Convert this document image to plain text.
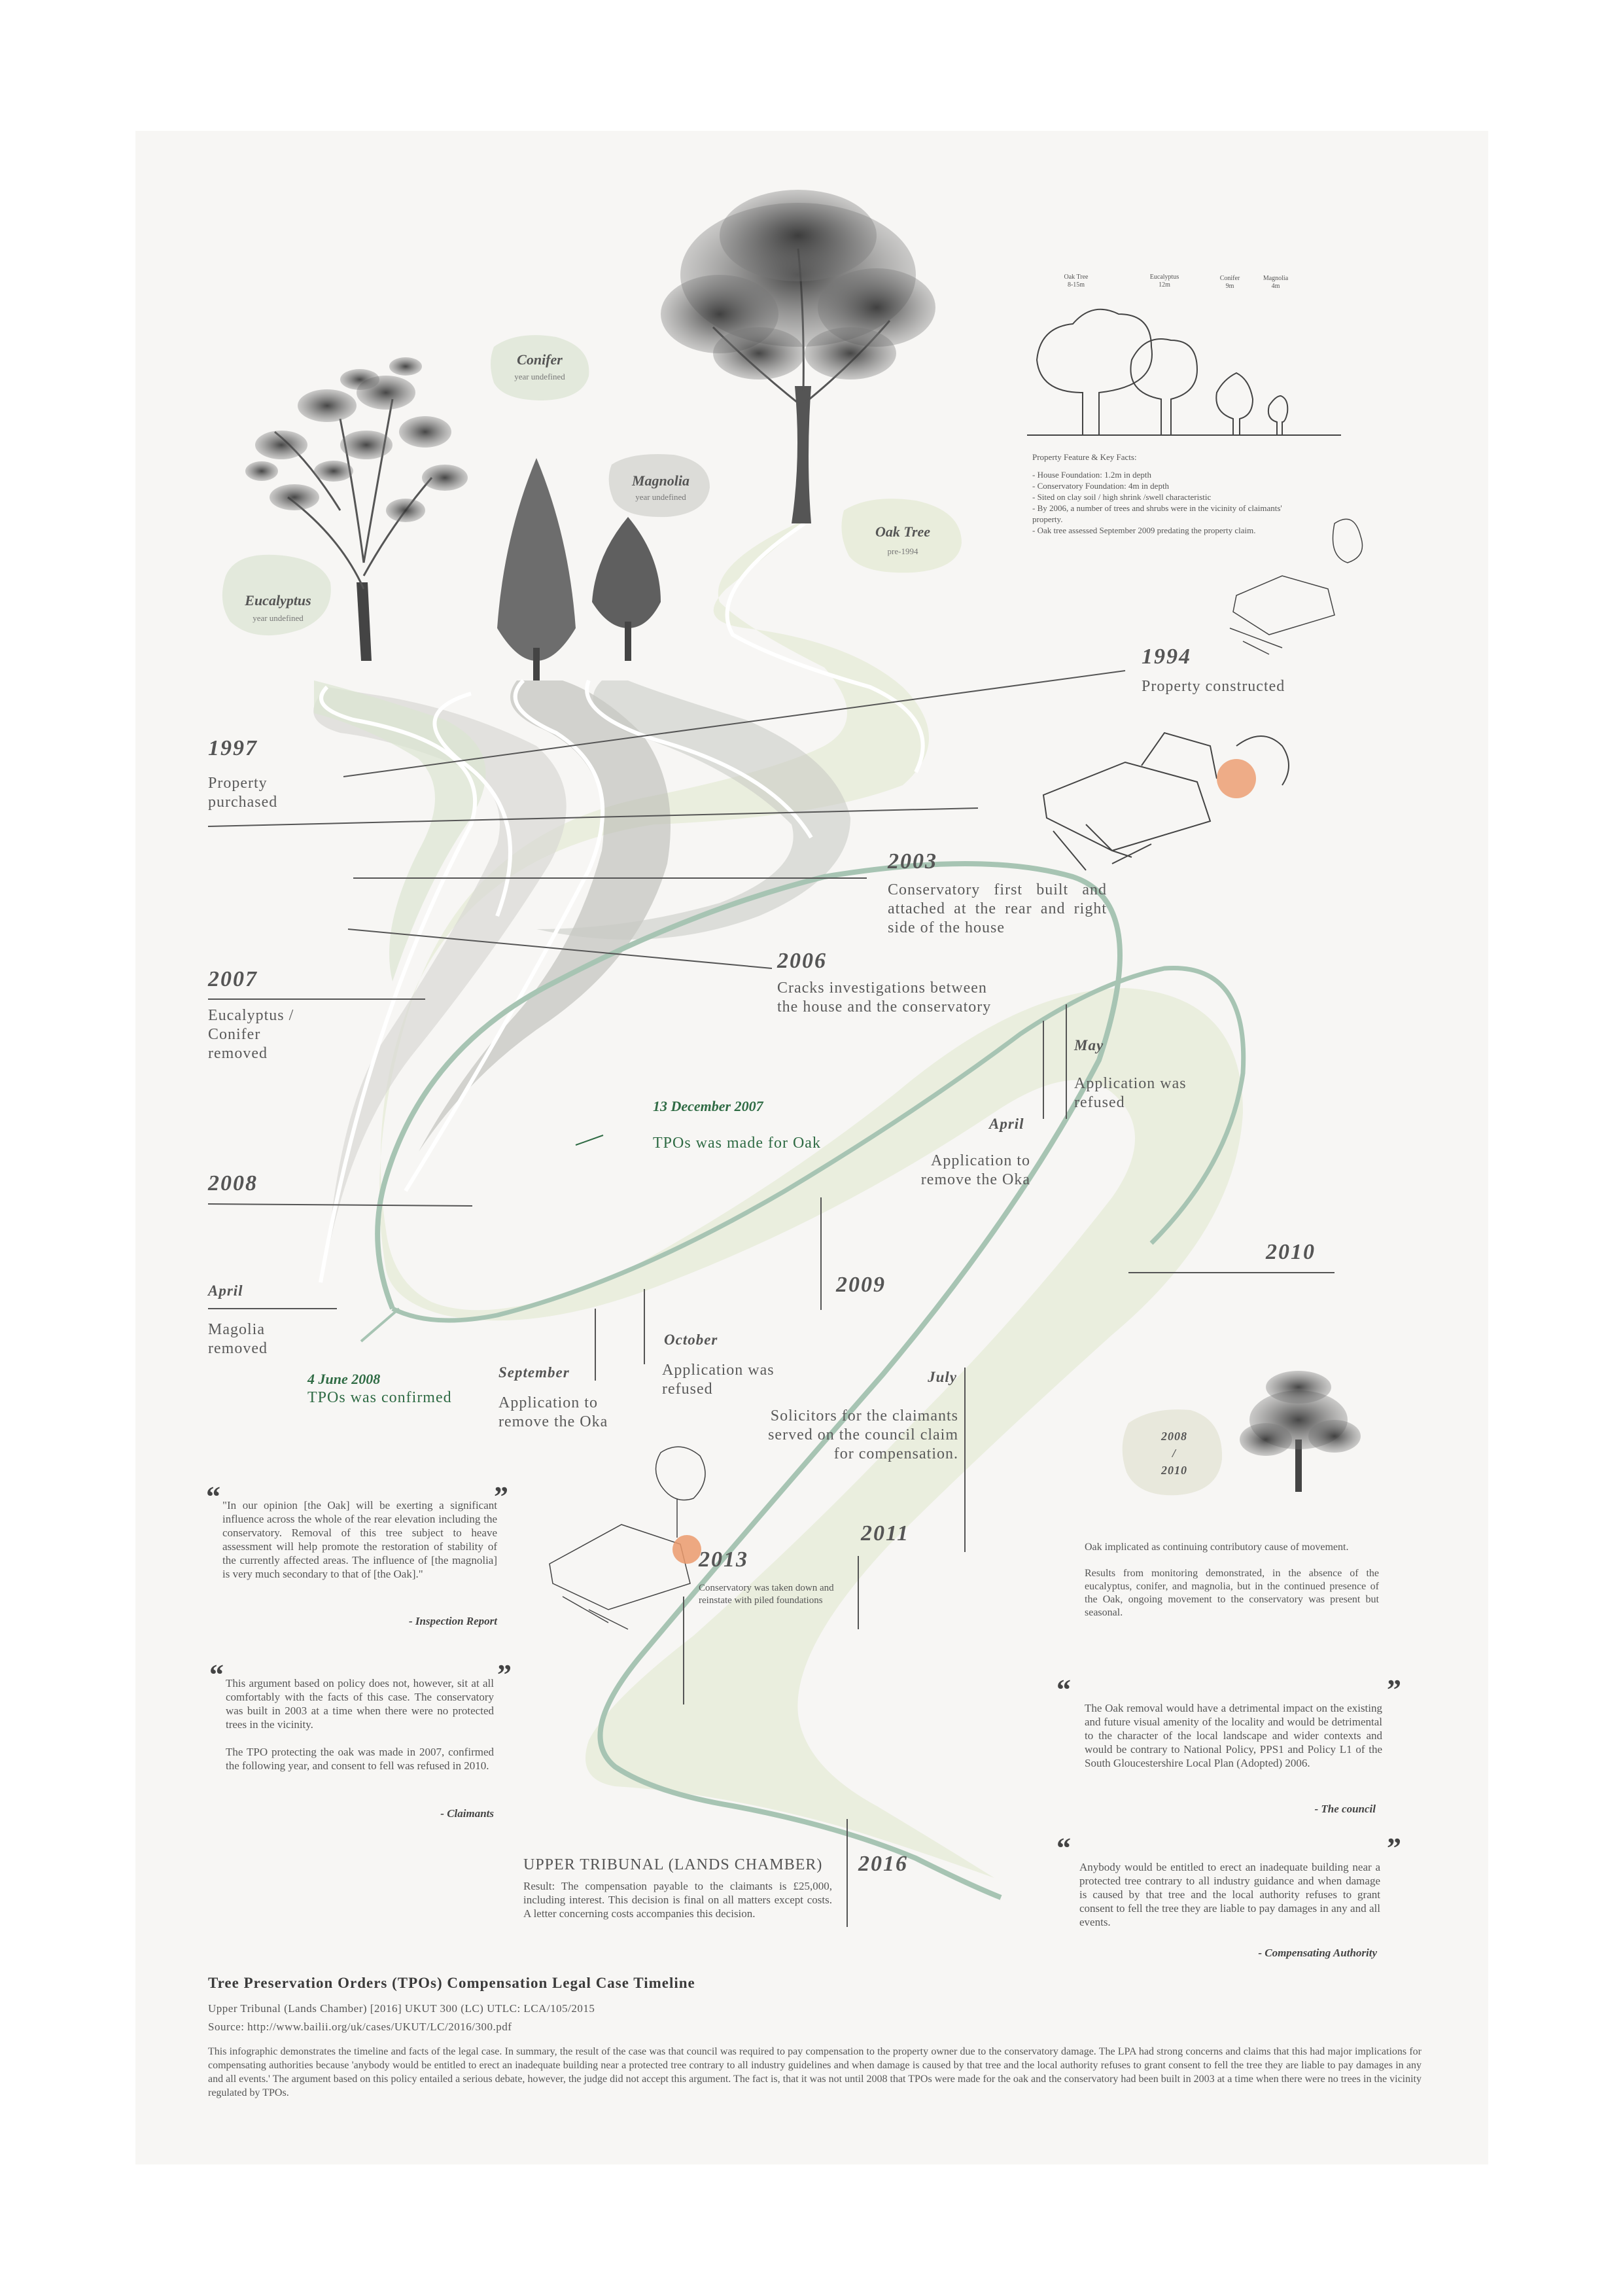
Eucalyptus
year undefined
Conifer
year undefined
Magnolia
year undefined
Oak Tree
pre-1994
Oak Tree
8-15m
Eucalyptus
12m
Conifer
9m
Magnolia
4m
Property Feature & Key Facts:
- House Foundation: 1.2m in depth
- Conservatory Foundation: 4m in depth
- Sited on clay soil / high shrink /swell characteristic
- By 2006, a number of trees and shrubs were in the vicinity of claimants' property.
- Oak tree assessed September 2009 predating the property claim.
1994
Property constructed
1997
Property purchased
2003
Conservatory first built and attached at the rear and right side of the house
2006
Cracks investigations between the house and the conservatory
2007
Eucalyptus / Conifer removed
13 December 2007
TPOs was made for Oak
May
Application was refused
April
Application to remove the Oka
2008
2009
2010
April
Magolia removed
4 June 2008
TPOs was confirmed
September
Application to remove the Oka
October
Application was refused
July
Solicitors for the claimants served on the council claim for compensation.
2011
2013
Conservatory was taken down and reinstate with piled foundations
2016
2008
/
2010
Oak implicated as continuing contributory cause of movement.
Results from monitoring demonstrated, in the absence of the eucalyptus, conifer, and magnolia, but in the continued presence of the Oak, ongoing movement to the conservatory was present but seasonal.
“	”
"In our opinion [the Oak] will be exerting a significant influence across the whole of the rear elevation including the conservatory. Removal of this tree subject to heave assessment will help promote the restoration of stability of the currently affected areas. The influence of [the magnolia] is very much secondary to that of [the Oak]."
- Inspection Report
“	”
This argument based on policy does not, however, sit at all comfortably with the facts of this case. The conservatory was built in 2003 at a time when there were no protected trees in the vicinity.
The TPO protecting the oak was made in 2007, confirmed the following year, and consent to fell was refused in 2010.
- Claimants
“	”
The Oak removal would have a detrimental impact on the existing and future visual amenity of the locality and would be detrimental to the character of the local landscape and wider contexts and would be contrary to National Policy, PPS1 and Policy L1 of the South Gloucestershire Local Plan (Adopted) 2006.
- The council
“	”
Anybody would be entitled to erect an inadequate building near a protected tree contrary to all industry guidance and when damage is caused by that tree and the local authority refuses to grant consent to fell the tree they are liable to pay damages in any and all events.
- Compensating Authority
UPPER TRIBUNAL (LANDS CHAMBER)
Result: The compensation payable to the claimants is £25,000, including interest. This decision is final on all matters except costs. A letter concerning costs accompanies this decision.
Tree Preservation Orders (TPOs) Compensation Legal Case Timeline
Upper Tribunal (Lands Chamber) [2016] UKUT 300 (LC) UTLC: LCA/105/2015
Source: http://www.bailii.org/uk/cases/UKUT/LC/2016/300.pdf
This infographic demonstrates the timeline and facts of the legal case. In summary, the result of the case was that council was required to pay compensation to the property owner due to the conservatory damage. The LPA had strong concerns and claims that this had major implications for compensating authorities because 'anybody would be entitled to erect an inadequate building near a protected tree contrary to all industry guidelines and when damage is caused by that tree and the local authority refuses to grant consent to fell the tree they are liable to pay damages in any and all events.' The argument based on this policy entailed a serious debate, however, the judge did not accept this argument. The fact is, that it was not until 2008 that TPOs were made for the oak and the conservatory had been built in 2003 at a time when there were no trees in the vicinity regulated by TPOs.
